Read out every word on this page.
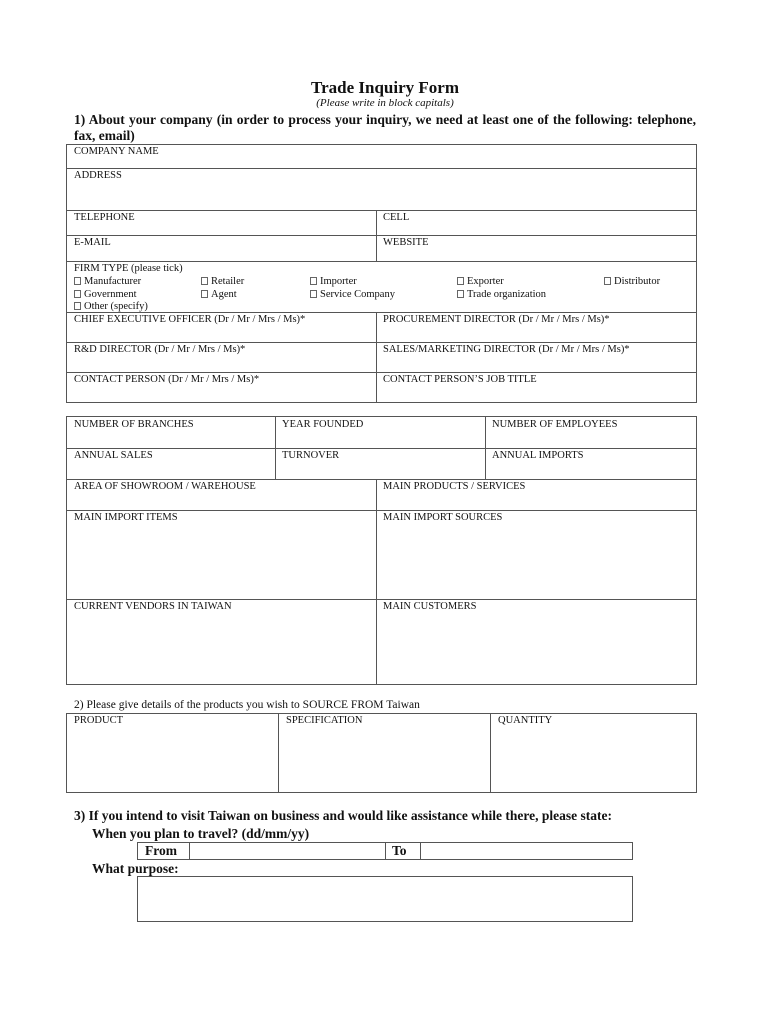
Trade Inquiry Form
(Please write in block capitals)
1) About your company (in order to process your inquiry, we need at least one of the following: telephone, fax, email)
COMPANY NAME
ADDRESS
TELEPHONE	CELL
E-MAIL	WEBSITE
FIRM TYPE (please tick)
Manufacturer	Retailer	Importer	Exporter	Distributor
Government	Agent	Service Company	Trade organization
Other (specify)
CHIEF EXECUTIVE OFFICER (Dr / Mr / Mrs / Ms)*	PROCUREMENT DIRECTOR (Dr / Mr / Mrs / Ms)*
R&D DIRECTOR (Dr / Mr / Mrs / Ms)*	SALES/MARKETING DIRECTOR (Dr / Mr / Mrs / Ms)*
CONTACT PERSON (Dr / Mr / Mrs / Ms)*	CONTACT PERSON’S JOB TITLE
NUMBER OF BRANCHES	YEAR FOUNDED	NUMBER OF EMPLOYEES
ANNUAL SALES	TURNOVER	ANNUAL IMPORTS
AREA OF SHOWROOM / WAREHOUSE	MAIN PRODUCTS / SERVICES
MAIN IMPORT ITEMS	MAIN IMPORT SOURCES
CURRENT VENDORS IN TAIWAN	MAIN CUSTOMERS
2) Please give details of the products you wish to SOURCE FROM Taiwan
PRODUCT	SPECIFICATION	QUANTITY
3) If you intend to visit Taiwan on business and would like assistance while there, please state:
When you plan to travel? (dd/mm/yy)
From	To
What purpose:
